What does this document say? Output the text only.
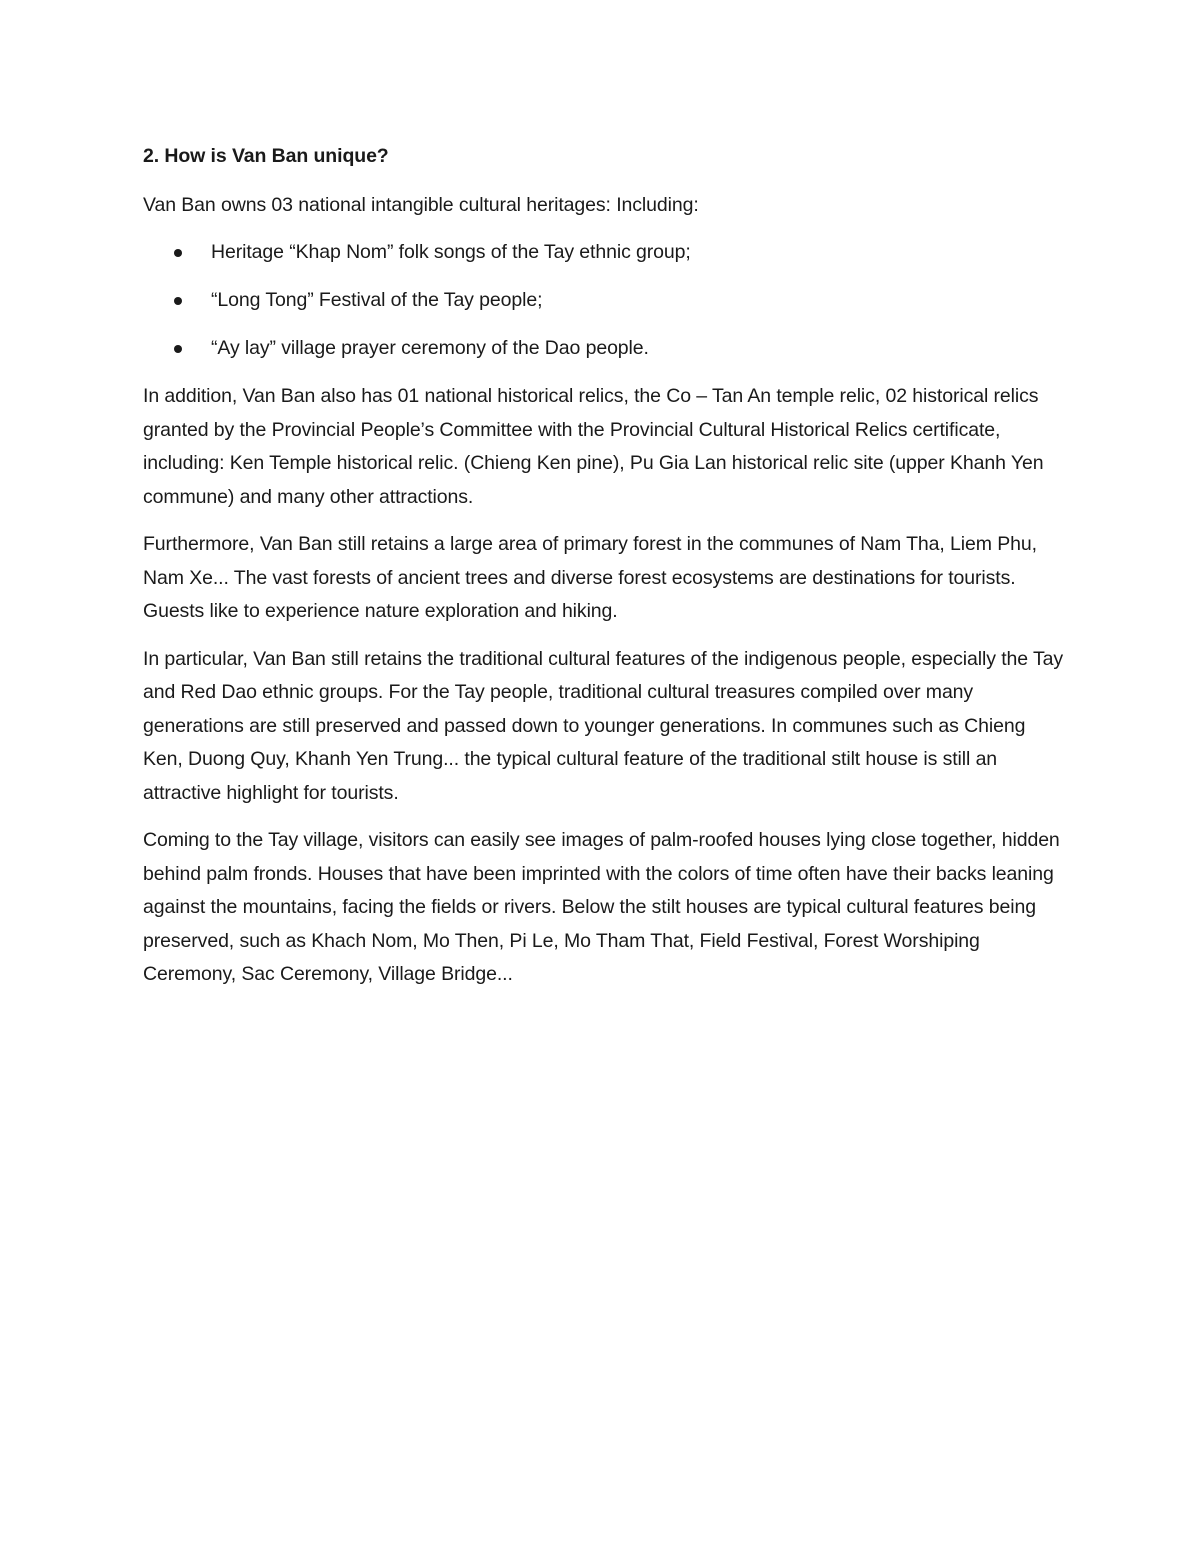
2. How is Van Ban unique?

Van Ban owns 03 national intangible cultural heritages: Including:

Heritage “Khap Nom” folk songs of the Tay ethnic group;
“Long Tong” Festival of the Tay people;
“Ay lay” village prayer ceremony of the Dao people.

In addition, Van Ban also has 01 national historical relics, the Co – Tan An temple relic, 02 historical relics granted by the Provincial People’s Committee with the Provincial Cultural Historical Relics certificate, including: Ken Temple historical relic. (Chieng Ken pine), Pu Gia Lan historical relic site (upper Khanh Yen commune) and many other attractions.

Furthermore, Van Ban still retains a large area of primary forest in the communes of Nam Tha, Liem Phu, Nam Xe... The vast forests of ancient trees and diverse forest ecosystems are destinations for tourists. Guests like to experience nature exploration and hiking.

In particular, Van Ban still retains the traditional cultural features of the indigenous people, especially the Tay and Red Dao ethnic groups. For the Tay people, traditional cultural treasures compiled over many generations are still preserved and passed down to younger generations. In communes such as Chieng Ken, Duong Quy, Khanh Yen Trung... the typical cultural feature of the traditional stilt house is still an attractive highlight for tourists.

Coming to the Tay village, visitors can easily see images of palm-roofed houses lying close together, hidden behind palm fronds. Houses that have been imprinted with the colors of time often have their backs leaning against the mountains, facing the fields or rivers. Below the stilt houses are typical cultural features being preserved, such as Khach Nom, Mo Then, Pi Le, Mo Tham That, Field Festival, Forest Worshiping Ceremony, Sac Ceremony, Village Bridge...
